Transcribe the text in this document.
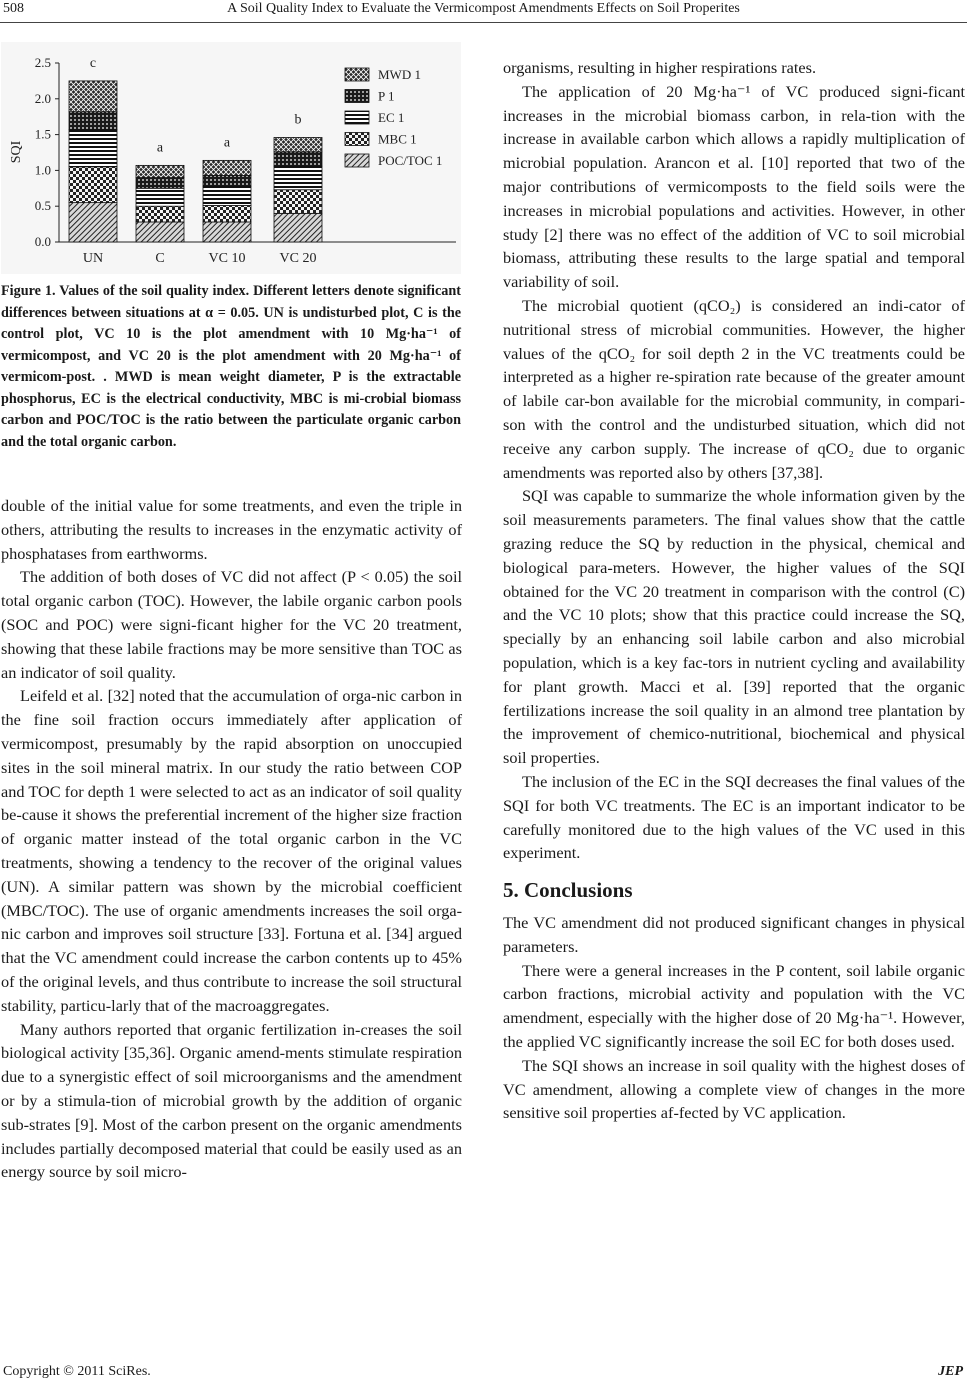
508	A Soil Quality Index to Evaluate the Vermicompost Amendments Effects on Soil Properites
0.0
0.5
1.0
1.5
2.0
2.5
SQI
UN
c
C
a
VC 10
a
VC 20
b
MWD 1
P 1
EC 1
MBC 1
POC/TOC 1
Figure 1. Values of the soil quality index. Different letters denote significant differences between situations at α = 0.05. UN is undisturbed plot, C is the control plot, VC 10 is the plot amendment with 10 Mg·ha⁻¹ of vermicompost, and VC 20 is the plot amendment with 20 Mg·ha⁻¹ of vermicom-post. . MWD is mean weight diameter, P is the extractable phosphorus, EC is the electrical conductivity, MBC is mi-crobial biomass carbon and POC/TOC is the ratio between the particulate organic carbon and the total organic carbon.

double of the initial value for some treatments, and even the triple in others, attributing the results to increases in the enzymatic activity of phosphatases from earthworms.

The addition of both doses of VC did not affect (P < 0.05) the soil total organic carbon (TOC). However, the labile organic carbon pools (SOC and POC) were signi-ficant higher for the VC 20 treatment, showing that these labile fractions may be more sensitive than TOC as an indicator of soil quality.

Leifeld et al. [32] noted that the accumulation of orga-nic carbon in the fine soil fraction occurs immediately after application of vermicompost, presumably by the rapid absorption on unoccupied sites in the soil mineral matrix. In our study the ratio between COP and TOC for depth 1 were selected to act as an indicator of soil quality be-cause it shows the preferential increment of the higher size fraction of organic matter instead of the total organic carbon in the VC treatments, showing a tendency to the recover of the original values (UN). A similar pattern was shown by the microbial coefficient (MBC/TOC). The use of organic amendments increases the soil orga-nic carbon and improves soil structure [33]. Fortuna et al. [34] argued that the VC amendment could increase the carbon contents up to 45% of the original levels, and thus contribute to increase the soil structural stability, particu-larly that of the macroaggregates.

Many authors reported that organic fertilization in-creases the soil biological activity [35,36]. Organic amend-ments stimulate respiration due to a synergistic effect of soil microorganisms and the amendment or by a stimula-tion of microbial growth by the addition of organic sub-strates [9]. Most of the carbon present on the organic amendments includes partially decomposed material that could be easily used as an energy source by soil micro-

organisms, resulting in higher respirations rates.

The application of 20 Mg·ha⁻¹ of VC produced signi-ficant increases in the microbial biomass carbon, in rela-tion with the increase in available carbon which allows a rapidly multiplication of microbial population. Arancon et al. [10] reported that two of the major contributions of vermicomposts to the field soils were the increases in microbial populations and activities. However, in other study [2] there was no effect of the addition of VC to soil microbial biomass, attributing these results to the large spatial and temporal variability of soil.

The microbial quotient (qCO₂) is considered an indi-cator of nutritional stress of microbial communities. However, the higher values of the qCO₂ for soil depth 2 in the VC treatments could be interpreted as a higher re-spiration rate because of the greater amount of labile car-bon available for the microbial community, in compari-son with the control and the undisturbed situation, which did not receive any carbon supply. The increase of qCO₂ due to organic amendments was reported also by others [37,38].

SQI was capable to summarize the whole information given by the soil measurements parameters. The final values show that the cattle grazing reduce the SQ by reduction in the physical, chemical and biological para-meters. However, the higher values of the SQI obtained for the VC 20 treatment in comparison with the control (C) and the VC 10 plots; show that this practice could increase the SQ, specially by an enhancing soil labile carbon and also microbial population, which is a key fac-tors in nutrient cycling and availability for plant growth. Macci et al. [39] reported that the organic fertilizations increase the soil quality in an almond tree plantation by the improvement of chemico-nutritional, biochemical and physical soil properties.

The inclusion of the EC in the SQI decreases the final values of the SQI for both VC treatments. The EC is an important indicator to be carefully monitored due to the high values of the VC used in this experiment.

5. Conclusions

The VC amendment did not produced significant changes in physical parameters.

There were a general increases in the P content, soil labile organic carbon fractions, microbial activity and population with the VC amendment, especially with the higher dose of 20 Mg·ha⁻¹. However, the applied VC significantly increase the soil EC for both doses used.

The SQI shows an increase in soil quality with the highest doses of VC amendment, allowing a complete view of changes in the more sensitive soil properties af-fected by VC application.

Copyright © 2011 SciRes.	JEP
